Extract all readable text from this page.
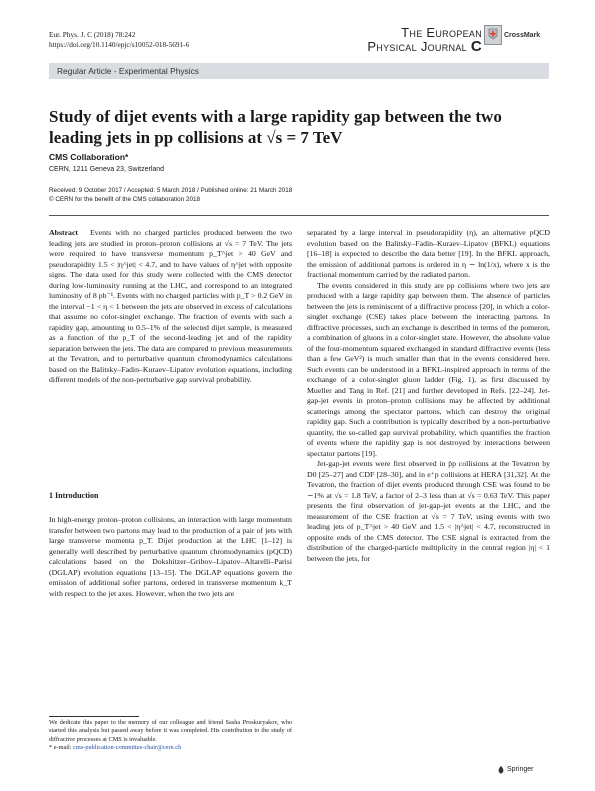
Eur. Phys. J. C (2018) 78:242
https://doi.org/10.1140/epjc/s10052-018-5691-6
The European
Physical Journal C
CrossMark
Regular Article - Experimental Physics
Study of dijet events with a large rapidity gap between the two
leading jets in pp collisions at √s = 7 TeV
CMS Collaboration*
CERN, 1211 Geneva 23, Switzerland
Received: 9 October 2017 / Accepted: 5 March 2018 / Published online: 21 March 2018
© CERN for the benefit of the CMS collaboration 2018

Abstract Events with no charged particles produced between the two leading jets are studied in proton–proton collisions at √s = 7 TeV. The jets were required to have transverse momentum p_T^jet > 40 GeV and pseudorapidity 1.5 < |η^jet| < 4.7, and to have values of η^jet with opposite signs. The data used for this study were collected with the CMS detector during low-luminosity running at the LHC, and correspond to an integrated luminosity of 8 pb⁻¹. Events with no charged particles with p_T > 0.2 GeV in the interval −1 < η < 1 between the jets are observed in excess of calculations that assume no color-singlet exchange. The fraction of events with such a rapidity gap, amounting to 0.5–1% of the selected dijet sample, is measured as a function of the p_T of the second-leading jet and of the rapidity separation between the jets. The data are compared to previous measurements at the Tevatron, and to perturbative quantum chromodynamics calculations based on the Balitsky–Fadin–Kuraev–Lipatov evolution equations, including different models of the non-perturbative gap survival probability.

1 Introduction

In high-energy proton–proton collisions, an interaction with large momentum transfer between two partons may lead to the production of a pair of jets with large transverse momenta p_T. Dijet production at the LHC [1–12] is generally well described by perturbative quantum chromodynamics (pQCD) calculations based on the Dokshitzer–Gribov–Lipatov–Altarelli–Parisi (DGLAP) evolution equations [13–15]. The DGLAP equations govern the emission of additional softer partons, ordered in transverse momentum k_T with respect to the jet axes. However, when the two jets are

separated by a large interval in pseudorapidity (η), an alternative pQCD evolution based on the Balitsky–Fadin–Kuraev–Lipatov (BFKL) equations [16–18] is expected to describe the data better [19]. In the BFKL approach, the emission of additional partons is ordered in η ∼ ln(1/x), where x is the fractional momentum carried by the radiated parton.

The events considered in this study are pp collisions where two jets are produced with a large rapidity gap between them. The absence of particles between the jets is reminiscent of a diffractive process [20], in which a color-singlet exchange (CSE) takes place between the interacting partons. In diffractive processes, such an exchange is described in terms of the pomeron, a combination of gluons in a color-singlet state. However, the absolute value of the four-momentum squared exchanged in standard diffractive events (less than a few GeV²) is much smaller than that in the events considered here. Such events can be understood in a BFKL-inspired approach in terms of the exchange of a color-singlet gluon ladder (Fig. 1), as first discussed by Mueller and Tang in Ref. [21] and further developed in Refs. [22–24]. Jet-gap-jet events in proton–proton collisions may be affected by additional scatterings among the spectator partons, which can destroy the original rapidity gap. Such a contribution is typically described by a non-perturbative quantity, the so-called gap survival probability, which quantifies the fraction of events where the rapidity gap is not destroyed by interactions between spectator partons [19].

Jet-gap-jet events were first observed in p̄p collisions at the Tevatron by D0 [25–27] and CDF [28–30], and in e⁺p collisions at HERA [31,32]. At the Tevatron, the fraction of dijet events produced through CSE was found to be ∼1% at √s = 1.8 TeV, a factor of 2–3 less than at √s = 0.63 TeV. This paper presents the first observation of jet-gap-jet events at the LHC, and the measurement of the CSE fraction at √s = 7 TeV, using events with two leading jets of p_T^jet > 40 GeV and 1.5 < |η^jet| < 4.7, reconstructed in opposite ends of the CMS detector. The CSE signal is extracted from the distribution of the charged-particle multiplicity in the central region |η| < 1 between the jets, for

We dedicate this paper to the memory of our colleague and friend Sasha Proskuryakov, who started this analysis but passed away before it was completed. His contribution to the study of diffractive processes at CMS is invaluable.
* e-mail: cms-publication-committee-chair@cern.ch
Springer
